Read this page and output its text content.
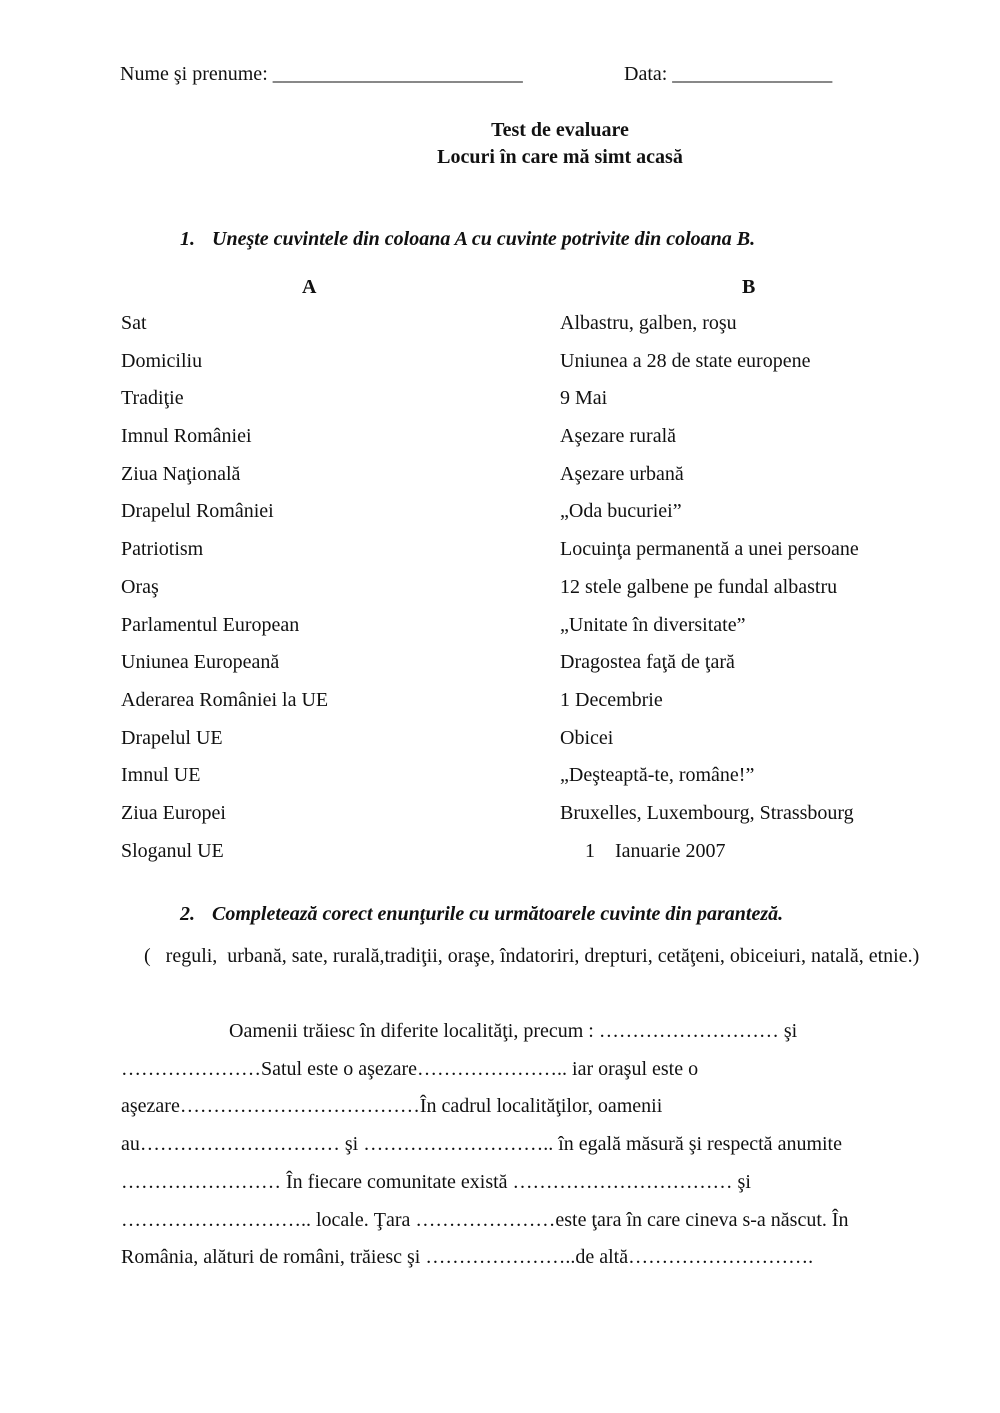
Nume şi prenume: _________________________	Data: ________________
Test de evaluare
Locuri în care mă simt acasă
1. Uneşte cuvintele din coloana A cu cuvinte potrivite din coloana B.
A	B
Sat
Domiciliu
Tradiţie
Imnul României
Ziua Naţională
Drapelul României
Patriotism
Oraş
Parlamentul European
Uniunea Europeană
Aderarea României la UE
Drapelul UE
Imnul UE
Ziua Europei
Sloganul UE
Albastru, galben, roşu
Uniunea a 28 de state europene
9 Mai
Aşezare rurală
Aşezare urbană
„Oda bucuriei”
Locuinţa permanentă a unei persoane
12 stele galbene pe fundal albastru
„Unitate în diversitate”
Dragostea faţă de ţară
1 Decembrie
Obicei
„Deşteaptă-te, române!”
Bruxelles, Luxembourg, Strassbourg
1    Ianuarie 2007
2. Completează corect enunţurile cu următoarele cuvinte din paranteză.
(   reguli,  urbană, sate, rurală,tradiţii, oraşe, îndatoriri, drepturi, cetăţeni, obiceiuri, natală, etnie.)
Oamenii trăiesc în diferite localităţi, precum : ……………………… şi
…………………Satul este o aşezare………………….. iar oraşul este o
aşezare………………………………În cadrul localităţilor, oamenii
au………………………… şi ……………………….. în egală măsură şi respectă anumite
…………………… În fiecare comunitate există …………………………… şi
……………………….. locale. Ţara …………………este ţara în care cineva s-a născut. În
România, alături de români, trăiesc şi …………………..de altă……………………….
